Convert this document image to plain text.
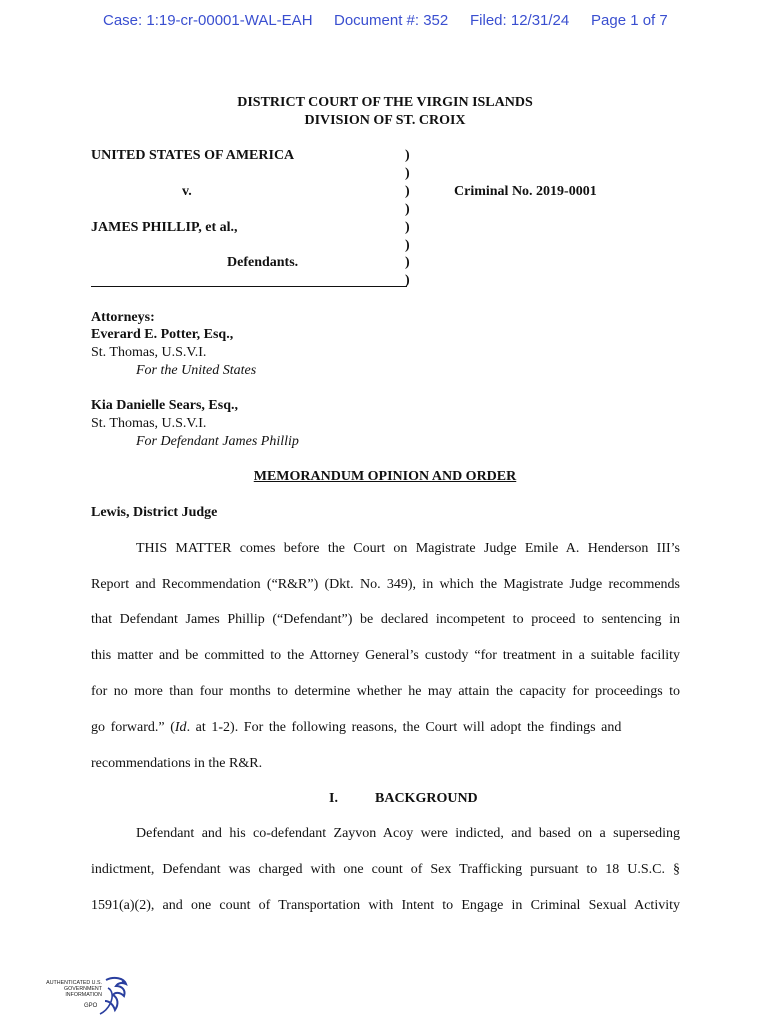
Case: 1:19-cr-00001-WAL-EAH Document #: 352 Filed: 12/31/24 Page 1 of 7
DISTRICT COURT OF THE VIRGIN ISLANDS
DIVISION OF ST. CROIX
UNITED STATES OF AMERICA
v.
JAMES PHILLIP, et al.,
Defendants.
Criminal No. 2019-0001
)
)
)
)
)
)
)
)
Attorneys:
Everard E. Potter, Esq.,
St. Thomas, U.S.V.I.
For the United States
Kia Danielle Sears, Esq.,
St. Thomas, U.S.V.I.
For Defendant James Phillip
MEMORANDUM OPINION AND ORDER
Lewis, District Judge
THIS MATTER comes before the Court on Magistrate Judge Emile A. Henderson III’s
Report and Recommendation (“R&R”) (Dkt. No. 349), in which the Magistrate Judge recommends
that Defendant James Phillip (“Defendant”) be declared incompetent to proceed to sentencing in
this matter and be committed to the Attorney General’s custody “for treatment in a suitable facility
for no more than four months to determine whether he may attain the capacity for proceedings to
go forward.” (Id. at 1-2). For the following reasons, the Court will adopt the findings and
recommendations in the R&R.
I.	BACKGROUND
Defendant and his co-defendant Zayvon Acoy were indicted, and based on a superseding
indictment, Defendant was charged with one count of Sex Trafficking pursuant to 18 U.S.C. §
1591(a)(2), and one count of Transportation with Intent to Engage in Criminal Sexual Activity
AUTHENTICATED U.S. GOVERNMENT INFORMATION
GPO
